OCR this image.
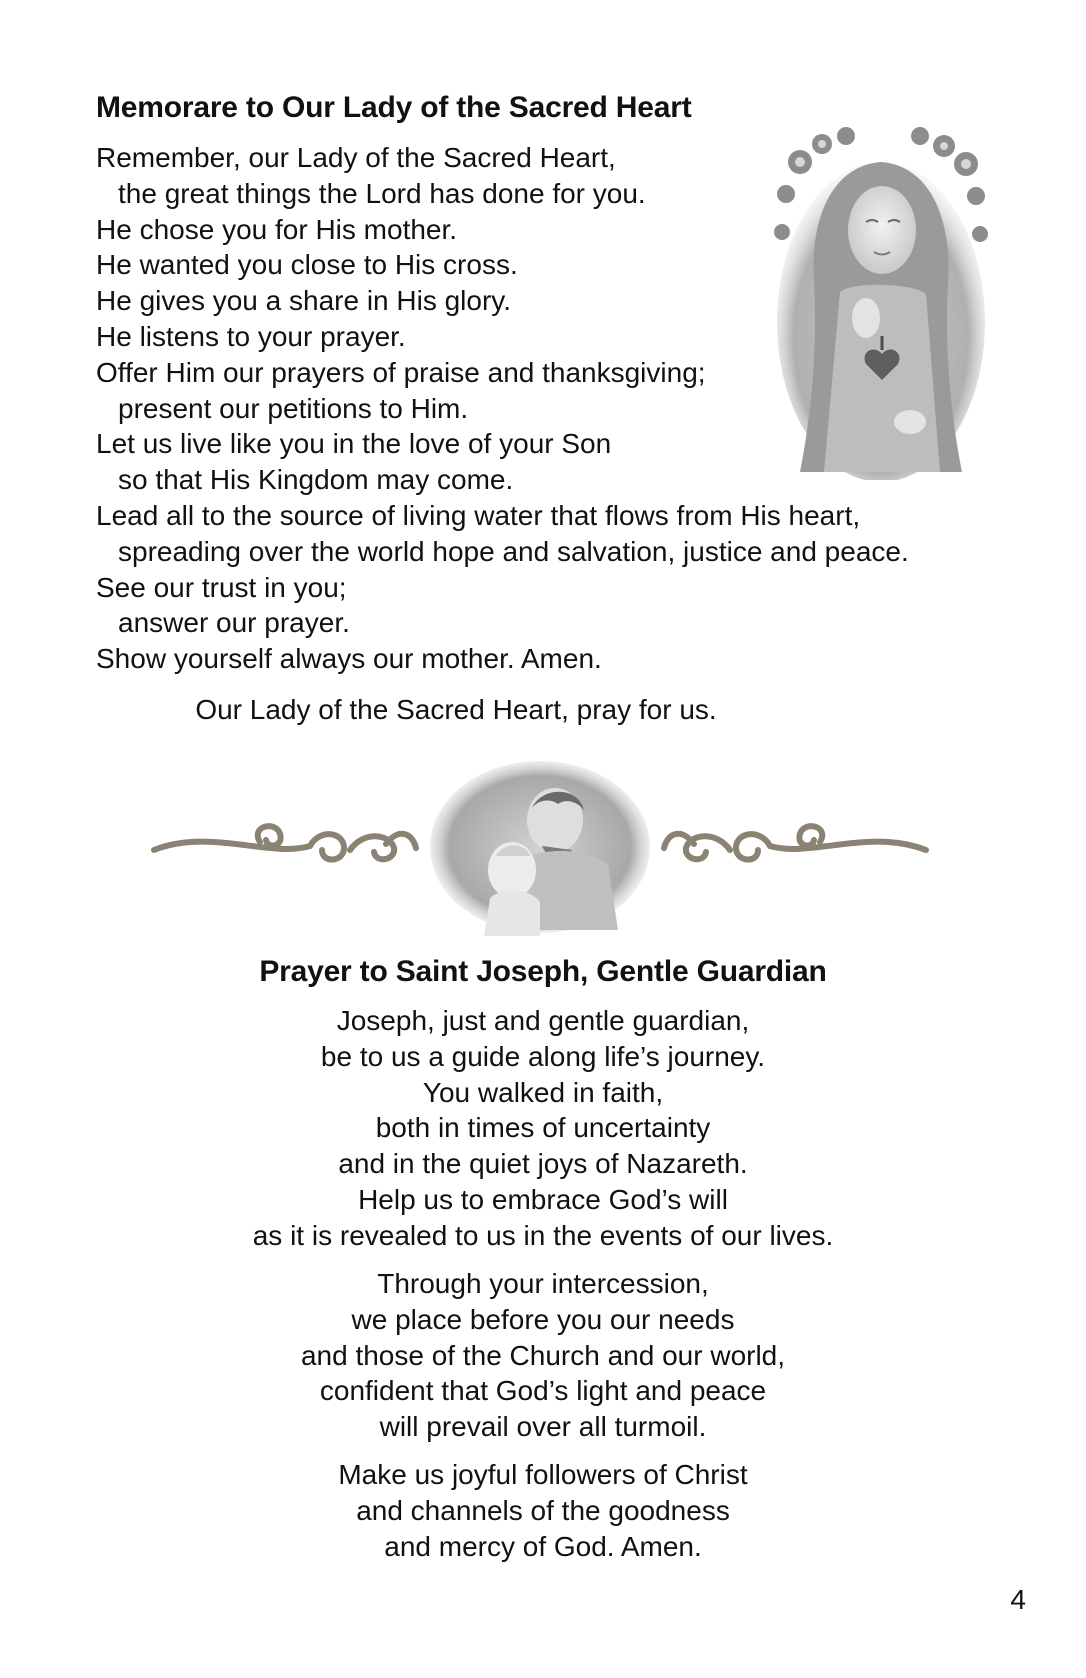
Memorare to Our Lady of the Sacred Heart
Remember, our Lady of the Sacred Heart,
the great things the Lord has done for you.
He chose you for His mother.
He wanted you close to His cross.
He gives you a share in His glory.
He listens to your prayer.
Offer Him our prayers of praise and thanksgiving;
present our petitions to Him.
Let us live like you in the love of your Son
so that His Kingdom may come.
Lead all to the source of living water that flows from His heart,
spreading over the world hope and salvation, justice and peace.
See our trust in you;
answer our prayer.
Show yourself always our mother. Amen.
Our Lady of the Sacred Heart, pray for us.
Prayer to Saint Joseph, Gentle Guardian
Joseph, just and gentle guardian,
be to us a guide along life’s journey.
You walked in faith,
both in times of uncertainty
and in the quiet joys of Nazareth.
Help us to embrace God’s will
as it is revealed to us in the events of our lives.
Through your intercession,
we place before you our needs
and those of the Church and our world,
confident that God’s light and peace
will prevail over all turmoil.
Make us joyful followers of Christ
and channels of the goodness
and mercy of God. Amen.
4
